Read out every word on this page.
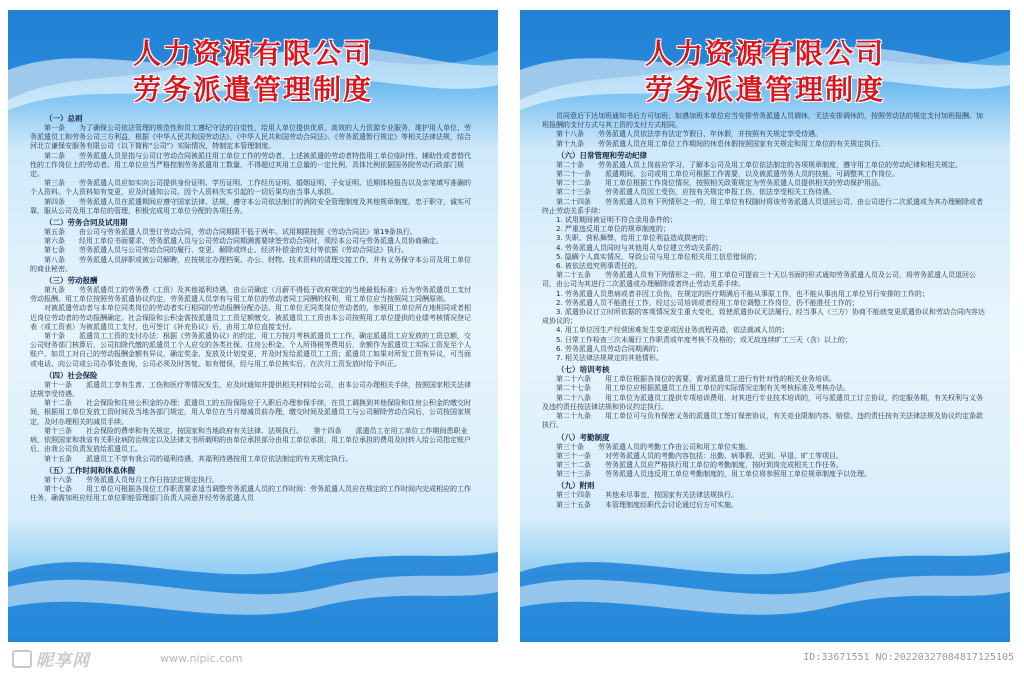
人力资源有限公司
劳务派遣管理制度
（一）总则

第一条　　为了确保公司依法管理的规范性和员工遵纪守法的自觉性，给用人单位提供优质、高效的人力资源专业服务，维护用人单位、劳务派遣员工和劳务公司三方利益，根据《中华人民共和国劳动法》、《中华人民共和国劳动合同法》、《劳务派遣暂行规定》等相关法律法规，结合河北立谦保安服务有限公司（以下简称“公司”）实际情况，特制定本管理制度。

第二条　　劳务派遣人员是指与公司订劳动合同被派往用工单位工作的劳动者，上述被派遣的劳动者特指用工单位临时性、辅助性或者替代性的工作岗位上的劳动者。用工单位应当严格控制劳务派遣用工数量，不得超过其用工总量的一定比例，具体比例依据国务院劳动行政部门规定。

第三条　　劳务派遣人员应如实向公司提供身份证明、学历证明、工作经历证明、婚姻证明、子女证明、近期体检报告以及亲笔填写准确的个人资料。个人资料如有变更，应及时通知公司。因个人资料失实引起的一切后果均由当事人承担。

第四条　　劳务派遣人员在派遣期间应遵守国家法律、法规，遵守本公司依法制订的消防安全管理制度及其他规章制度，忠于职守，诚实可靠，服从公司及用工单位的管理，积极完成用工单位分配的各项任务。

（二）劳务合同及试用期

第五条　　由公司与劳务派遣人员签订劳动合同，劳动合同期限不低于两年。试用期限按照《劳动合同法》第19条执行。

第六条　　经用工单位书面要求，劳务派遣人员与公司劳动合同期满需要续签劳动合同时，须经本公司与劳务派遣人员协商确定。

第七条　　劳务派遣人员与公司劳动合同的履行、变更、解除或终止、经济补偿金的支付等依据《劳动合同法》执行。

第八条　　劳务派遣人员辞职或被公司解聘，应按规定办理档案、办公、财物、技术资料的清理交接工作，并有义务保守本公司及用工单位的商业秘密。

（三）劳动报酬

第九条　　劳务派遣员工的劳务费（工资）及其他福利待遇，由公司确定（月薪不得低于政府规定的当地最低标准）后为劳务派遣员工支付劳动报酬。用工单位按照劳务派遣协议约定，劳务派遣人员享有与用工单位的劳动者同工同酬的权利，用工单位应当按照同工同酬原则。

对被派遣劳动者与本单位同类岗位的劳动者实行相同的劳动报酬分配办法。用工单位无同类岗位劳动者的，参照用工单位所在地相同或者相近岗位劳动者的劳动报酬确定。社会保险和公积金需按派遣员工工资足额缴交。被派遣员工工资由本公司按照用工单位提供的业绩考核情况登记表（或工资表）为被派遣员工支付，也可签订《补充协议》后，由用工单位直接支付。

第十条　　派遣员工工资的支付办法：根据《劳务派遣协议》的约定，用工方按月考核派遣员工工作，确定派遣员工应发放的工资总额，交公司财务部门核算后，公司扣除代缴的派遣员工个人应交的各类社保、住房公积金、个人所得税等费用后，余额作为派遣员工实际工资发至个人账户。如员工对自己的劳动报酬金额有异议，确定奖金、发放及计划变更，并及时发给派遣员工工资；派遣员工如果对所发工资有异议，可当面或电话、向公司或公司办事处查询，公司必须及时答复。如有错误，经与用工单位核实后，在次月工资发放时给予纠正。

（四）社会保险

第十一条　　派遣员工享有生育、工伤和医疗等情况发生，应及时通知并提供相关材料给公司，由本公司办理相关手续，按照国家相关法律法规享受待遇。

第十二条　　社会保险和住房公积金的办理：派遣员工的五险保险应于入职后办理参保手续，在员工调换到其他保险和住房公积金的缴交时间，根据用工单位发放工资时间及当地各部门规定，用人单位在当月增减员前办理，缴交时间及派遣员工与公司解除劳动合同后，公司按国家规定，及时办理相关的减员手续。

第十三条　　社会保险的费率和有关规定，按国家和当地政府有关法律、法规执行。　　第十四条　　派遣员工在用工单位工作期间患职业病，依照国家和我省有关职业病防治规定以及法律文书所载明的由单位承担部分由用工单位承担，用工单位承担的费用及时转入给公司指定账户后，由我公司负责发放给派遣员工。

第十五条　　派遣员工不享有我公司的福利待遇，其福利待遇按用工单位依法制定的有关规定执行。

（五）工作时间和休息休假

第十六条　　劳务派遣人员每月工作日按法定规定执行。

第十七条　　用工单位可根据各岗位工作职责要求适当调整劳务派遣人员的工作时间：劳务派遣人员应在规定的工作时间内完成相应的工作任务，确需加班应经用工单位职能管理部门负责人同意并经劳务派遣人员

人力资源有限公司
劳务派遣管理制度

员同意后下达加班通知书后方可加班；如遇加班本单位应当安排劳务派遣人员调休，无法安排调休的，按照劳动法的规定支付加班报酬。加班报酬的支付方式与其工资的支付方式相同。

第十八条　　劳务派遣人员依法享有法定节假日、年休假，并按照有关规定享受待遇。

第十九条　　劳务派遣人员在用工单位工作期间的休息休假按照国家有关规定和用工单位的有关规定执行。

（六）日常管理和劳动纪律

第二十条　　劳务派遣人员上岗前应学习、了解本公司及用工单位依法制定的各项规章制度，遵守用工单位的劳动纪律和相关规定。

第二十一条　　派遣期间，公司或用工单位可根据工作需要，以及被派遣劳务人员的技能，可调整其工作岗位。

第二十二条　　用工单位根据工作岗位情况，按照相关政策规定为劳务派遣人员提供相关的劳动保护用品。

第二十三条　　劳务派遣人员因工受伤，应按有关规定申报工伤，依法享受相关工伤待遇。

第二十四条　　劳务派遣人员有下列情形之一的，用工单位有权随时将该劳务派遣人员退回公司，由公司进行二次派遣或为其办理解除或者终止劳动关系手续：

1. 试用期间被证明不符合录用条件的；

2. 严重违反用工单位的规章制度的；

3. 失职、营私舞弊，给用工单位利益造成损害的；

4. 劳务派遣人员同时与其他用人单位建立劳动关系的；

5. 隐瞒个人真实情况，导致公司与用工单位相关用工信息错误的；

6. 被依法追究刑事责任的。

第二十五条　　劳务派遣人员有下列情形之一的，用工单位可提前三十天以书面的形式通知劳务派遣人员及公司，将劳务派遣人员退回公司，由公司为其进行二次派遣或办理解除或者终止劳动关系手续。

1. 劳务派遣人员患病或者非因工负伤，在规定的医疗期满后不能从事原工作，也不能从事由用工单位另行安排的工作的；

2. 劳务派遣人员不能胜任工作，经过公司培训或者经用工单位调整工作岗位，仍不能胜任工作的；

3. 派遣协议订立时所依据的客观情况发生重大变化，致使派遣协议无法履行，经当事人（三方）协商不能就变更派遣协议和劳动合同内容达成协议的；

4. 用工单位因生产经营困难发生变更或因业务流程再造，依法裁减人员的；

5. 日常工作检查三次未履行工作职责或年度考核不及格的；或无故连续旷工三天（含）以上的；

6. 劳务派遣人员劳动合同期满的；

7. 相关法律法规规定的其他情形。

（七）培训考核

第二十六条　　用工单位根据各岗位的需要，需对派遣员工进行有针对性的相关业务培训。

第二十七条　　用工单位应根据派遣员工在用工单位的实际情况定制有关考核标准及考核办法。

第二十八条　　用工单位为派遣员工提供专项培训费用，对其进行专业技术培训的，可与派遣员工订立协议，约定服务期，有关权利与义务及违约责任按法律法规和协议约定执行。

第二十九条　　用工单位可与负有保密义务的派遣员工签订保密协议，有关竞业限制内容、赔偿、违约责任按有关法律法规及协议约定条款执行。

（八）考勤制度

第三十条　　劳务派遣人员的考勤工作由公司和用工单位实施。

第三十一条　　对劳务派遣人员的考勤内容包括：出勤、病事假、迟到、早退、旷工等项目。

第三十二条　　劳务派遣人员应严格执行用工单位的考勤制度，按时到岗完成相关工作任务。

第三十三条　　劳务派遣人员违反用工单位考勤制度的，用工单位将参照用工单位规章制度予以处理。

（九）附则

第三十四条　　其他未尽事宜，按国家有关法律法规执行。

第三十五条　　本管理制度经职代会讨论通过后方可实施。

昵享网	www.nipic.com	ID:33671551 NO:20220327084817125105
